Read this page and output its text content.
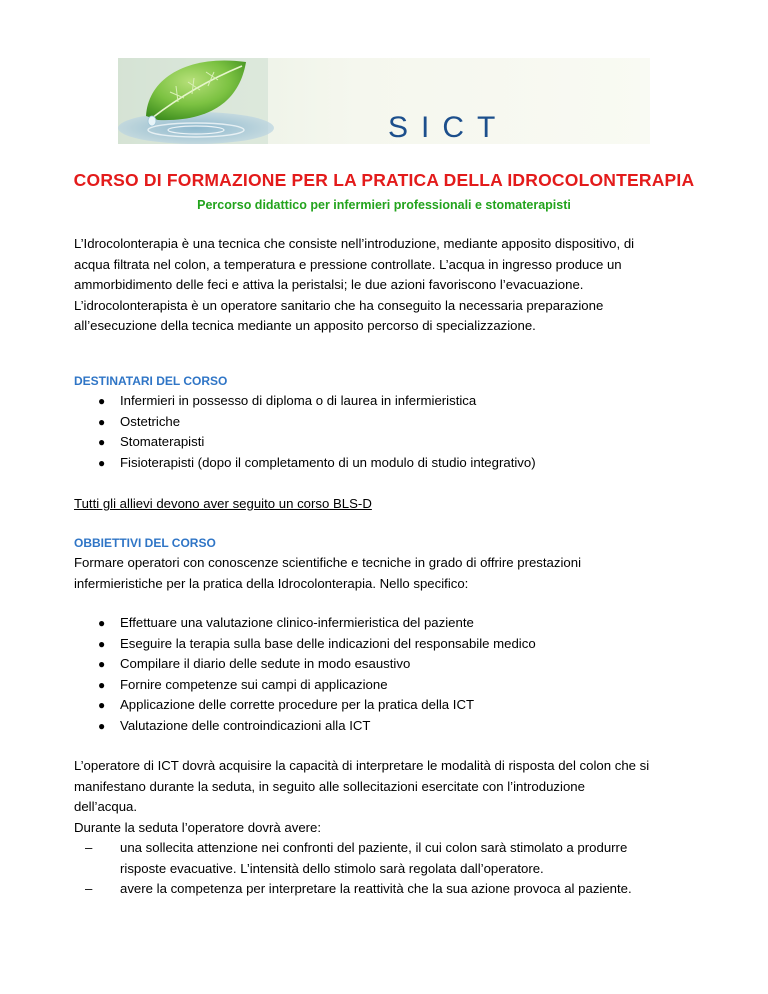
SICT
CORSO DI FORMAZIONE PER LA PRATICA DELLA IDROCOLONTERAPIA
Percorso didattico per infermieri professionali e stomaterapisti
L’Idrocolonterapia è una tecnica che consiste nell’introduzione, mediante apposito dispositivo, di
acqua filtrata nel colon, a temperatura e pressione controllate. L’acqua in ingresso produce un
ammorbidimento delle feci e attiva la peristalsi; le due azioni favoriscono l’evacuazione.
L’idrocolonterapista è un operatore sanitario che ha conseguito la necessaria preparazione
all’esecuzione della tecnica mediante un apposito percorso di specializzazione.
DESTINATARI DEL CORSO
● Infermieri in possesso di diploma o di laurea in infermieristica
● Ostetriche
● Stomaterapisti
● Fisioterapisti (dopo il completamento di un modulo di studio integrativo)
Tutti gli allievi devono aver seguito un corso BLS-D
OBBIETTIVI DEL CORSO
Formare operatori con conoscenze scientifiche e tecniche in grado di offrire prestazioni
infermieristiche per la pratica della Idrocolonterapia. Nello specifico:
● Effettuare una valutazione clinico-infermieristica del paziente
● Eseguire la terapia sulla base delle indicazioni del responsabile medico
● Compilare il diario delle sedute in modo esaustivo
● Fornire competenze sui campi di applicazione
● Applicazione delle corrette procedure per la pratica della ICT
● Valutazione delle controindicazioni alla ICT
L’operatore di ICT dovrà acquisire la capacità di interpretare le modalità di risposta del colon che si
manifestano durante la seduta, in seguito alle sollecitazioni esercitate con l’introduzione
dell’acqua.
Durante la seduta l’operatore dovrà avere:
– una sollecita attenzione nei confronti del paziente, il cui colon sarà stimolato a produrre
risposte evacuative. L’intensità dello stimolo sarà regolata dall’operatore.
– avere la competenza per interpretare la reattività che la sua azione provoca al paziente.
